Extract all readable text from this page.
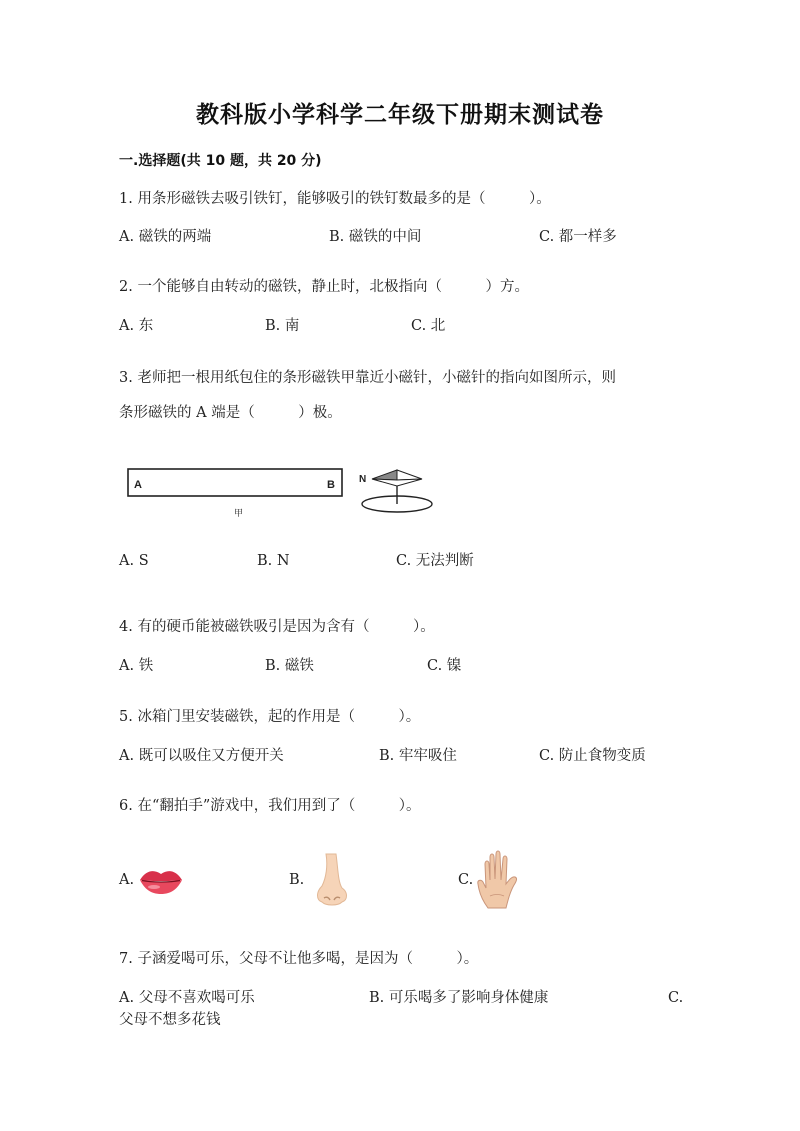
教科版小学科学二年级下册期末测试卷
一.选择题(共 10 题，共 20 分)
1. 用条形磁铁去吸引铁钉，能够吸引的铁钉数最多的是（　　　）。
A. 磁铁的两端	B. 磁铁的中间	C. 都一样多
2. 一个能够自由转动的磁铁，静止时，北极指向（　　　）方。
A. 东	B. 南	C. 北
3. 老师把一根用纸包住的条形磁铁甲靠近小磁针，小磁针的指向如图所示，则
条形磁铁的 A 端是（　　　）极。
A	B
甲
N
A. S	B. N	C. 无法判断
4. 有的硬币能被磁铁吸引是因为含有（　　　）。
A. 铁	B. 磁铁	C. 镍
5. 冰箱门里安装磁铁，起的作用是（　　　）。
A. 既可以吸住又方便开关	B. 牢牢吸住	C. 防止食物变质
6. 在“翻拍手”游戏中，我们用到了（　　　）。
A.	B.	C.
7. 子涵爱喝可乐，父母不让他多喝，是因为（　　　）。
A. 父母不喜欢喝可乐	B. 可乐喝多了影响身体健康	C.
父母不想多花钱
